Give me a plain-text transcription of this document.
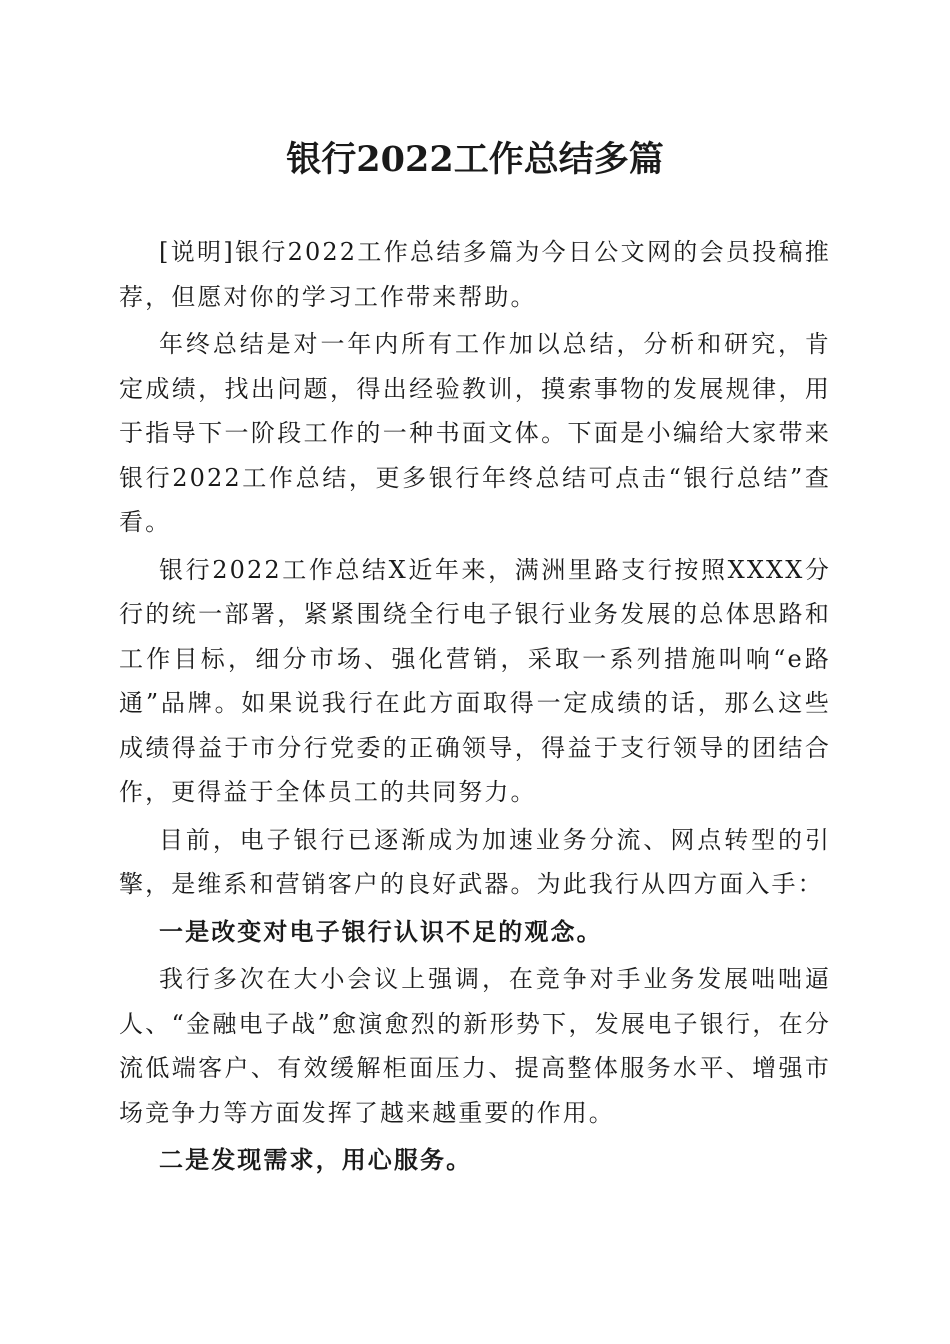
银行2022工作总结多篇

[说明]银行2022工作总结多篇为今日公文网的会员投稿推荐，但愿对你的学习工作带来帮助。

年终总结是对一年内所有工作加以总结，分析和研究，肯定成绩，找出问题，得出经验教训，摸索事物的发展规律，用于指导下一阶段工作的一种书面文体。下面是小编给大家带来银行2022工作总结，更多银行年终总结可点击“银行总结”查看。

银行2022工作总结X近年来，满洲里路支行按照XXXX分行的统一部署，紧紧围绕全行电子银行业务发展的总体思路和工作目标，细分市场、强化营销，采取一系列措施叫响“e路通”品牌。如果说我行在此方面取得一定成绩的话，那么这些成绩得益于市分行党委的正确领导，得益于支行领导的团结合作，更得益于全体员工的共同努力。

目前，电子银行已逐渐成为加速业务分流、网点转型的引擎，是维系和营销客户的良好武器。为此我行从四方面入手：

一是改变对电子银行认识不足的观念。

我行多次在大小会议上强调，在竞争对手业务发展咄咄逼人、“金融电子战”愈演愈烈的新形势下，发展电子银行，在分流低端客户、有效缓解柜面压力、提高整体服务水平、增强市场竞争力等方面发挥了越来越重要的作用。

二是发现需求，用心服务。
